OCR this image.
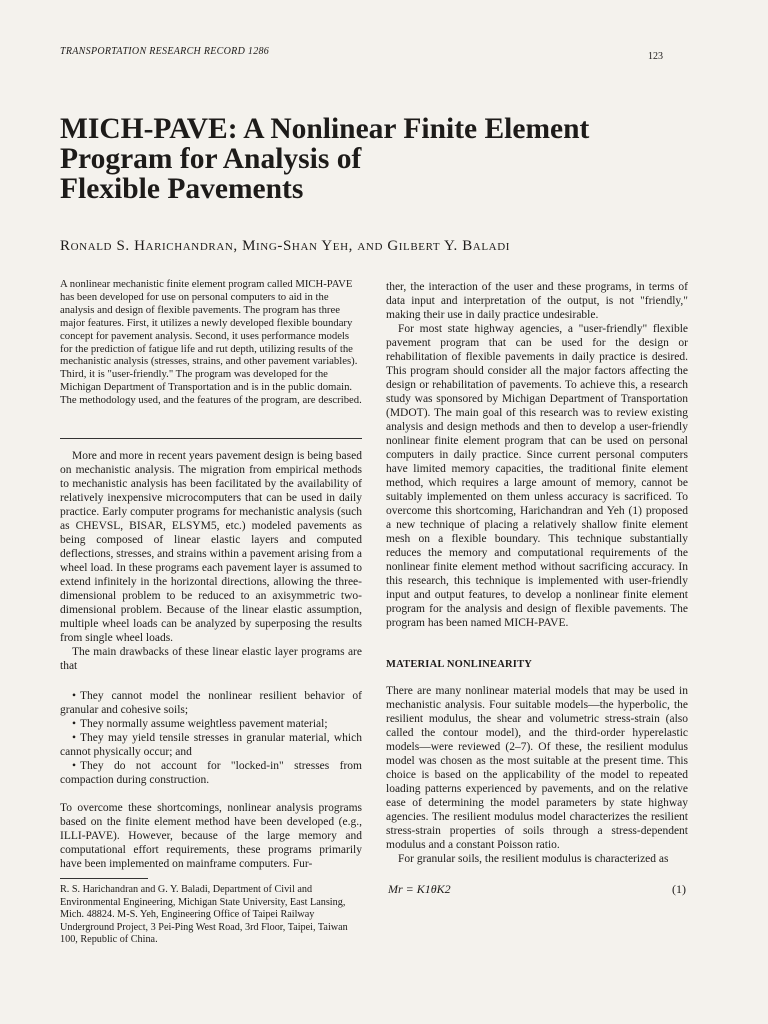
TRANSPORTATION RESEARCH RECORD 1286	123
MICH-PAVE: A Nonlinear Finite Element
Program for Analysis of
Flexible Pavements
Ronald S. Harichandran, Ming-Shan Yeh, and Gilbert Y. Baladi

A nonlinear mechanistic finite element program called MICH-PAVE has been developed for use on personal computers to aid in the analysis and design of flexible pavements. The program has three major features. First, it utilizes a newly developed flexible boundary concept for pavement analysis. Second, it uses performance models for the prediction of fatigue life and rut depth, utilizing results of the mechanistic analysis (stresses, strains, and other pavement variables). Third, it is "user-friendly." The program was developed for the Michigan Department of Transportation and is in the public domain. The methodology used, and the features of the program, are described.

More and more in recent years pavement design is being based on mechanistic analysis. The migration from empirical methods to mechanistic analysis has been facilitated by the availability of relatively inexpensive microcomputers that can be used in daily practice. Early computer programs for mechanistic analysis (such as CHEVSL, BISAR, ELSYM5, etc.) modeled pavements as being composed of linear elastic layers and computed deflections, stresses, and strains within a pavement arising from a wheel load. In these programs each pavement layer is assumed to extend infinitely in the horizontal directions, allowing the three-dimensional problem to be reduced to an axisymmetric two-dimensional problem. Because of the linear elastic assumption, multiple wheel loads can be analyzed by superposing the results from single wheel loads.

The main drawbacks of these linear elastic layer programs are that

• They cannot model the nonlinear resilient behavior of granular and cohesive soils;
• They normally assume weightless pavement material;
• They may yield tensile stresses in granular material, which cannot physically occur; and
• They do not account for "locked-in" stresses from compaction during construction.

To overcome these shortcomings, nonlinear analysis programs based on the finite element method have been developed (e.g., ILLI-PAVE). However, because of the large memory and computational effort requirements, these programs primarily have been implemented on mainframe computers. Fur-

R. S. Harichandran and G. Y. Baladi, Department of Civil and Environmental Engineering, Michigan State University, East Lansing, Mich. 48824. M-S. Yeh, Engineering Office of Taipei Railway Underground Project, 3 Pei-Ping West Road, 3rd Floor, Taipei, Taiwan 100, Republic of China.

ther, the interaction of the user and these programs, in terms of data input and interpretation of the output, is not "friendly," making their use in daily practice undesirable.

For most state highway agencies, a "user-friendly" flexible pavement program that can be used for the design or rehabilitation of flexible pavements in daily practice is desired. This program should consider all the major factors affecting the design or rehabilitation of pavements. To achieve this, a research study was sponsored by Michigan Department of Transportation (MDOT). The main goal of this research was to review existing analysis and design methods and then to develop a user-friendly nonlinear finite element program that can be used on personal computers in daily practice. Since current personal computers have limited memory capacities, the traditional finite element method, which requires a large amount of memory, cannot be suitably implemented on them unless accuracy is sacrificed. To overcome this shortcoming, Harichandran and Yeh (1) proposed a new technique of placing a relatively shallow finite element mesh on a flexible boundary. This technique substantially reduces the memory and computational requirements of the nonlinear finite element method without sacrificing accuracy. In this research, this technique is implemented with user-friendly input and output features, to develop a nonlinear finite element program for the analysis and design of flexible pavements. The program has been named MICH-PAVE.

MATERIAL NONLINEARITY

There are many nonlinear material models that may be used in mechanistic analysis. Four suitable models—the hyperbolic, the resilient modulus, the shear and volumetric stress-strain (also called the contour model), and the third-order hyperelastic models—were reviewed (2–7). Of these, the resilient modulus model was chosen as the most suitable at the present time. This choice is based on the applicability of the model to repeated loading patterns experienced by pavements, and on the relative ease of determining the model parameters by state highway agencies. The resilient modulus model characterizes the resilient stress-strain properties of soils through a stress-dependent modulus and a constant Poisson ratio.

For granular soils, the resilient modulus is characterized as

Mr = K1θK2	(1)
